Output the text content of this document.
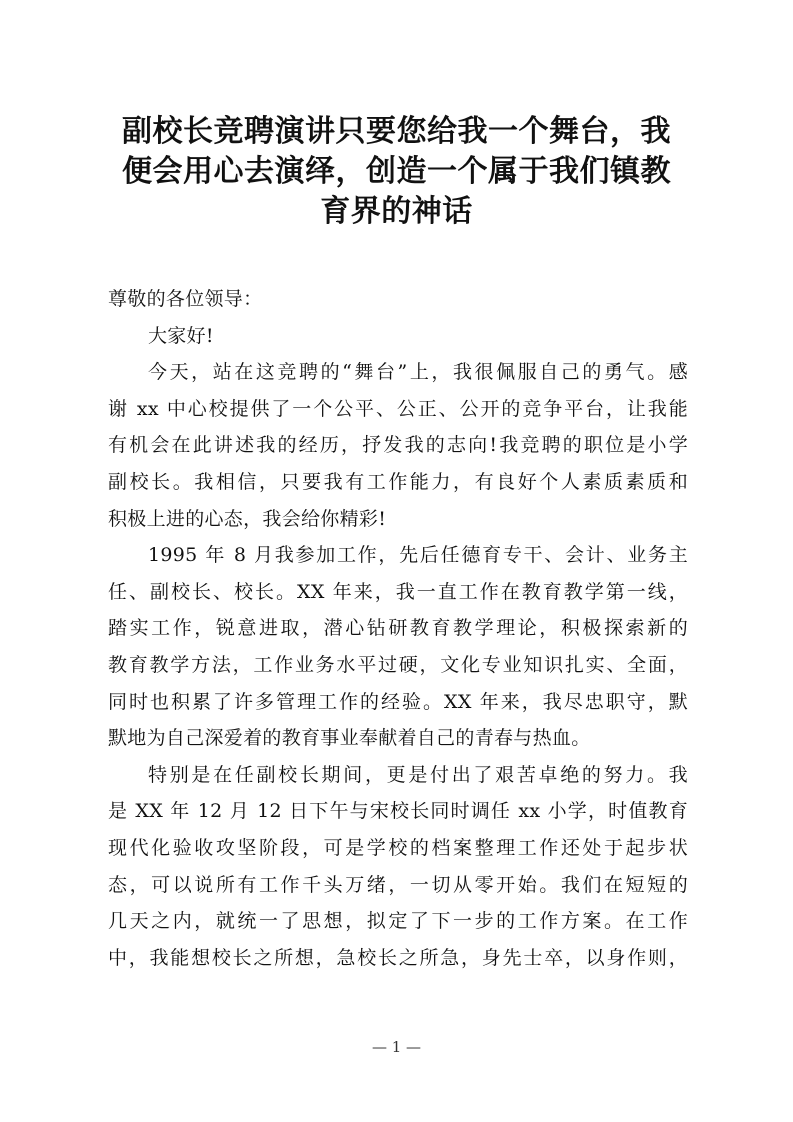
副校长竞聘演讲只要您给我一个舞台，我
便会用心去演绎，创造一个属于我们镇教
育界的神话
尊敬的各位领导：
大家好!
今天，站在这竞聘的“舞台”上，我很佩服自己的勇气。感
谢 xx 中心校提供了一个公平、公正、公开的竞争平台，让我能
有机会在此讲述我的经历，抒发我的志向!我竞聘的职位是小学
副校长。我相信，只要我有工作能力，有良好个人素质素质和
积极上进的心态，我会给你精彩!
1995 年 8 月我参加工作，先后任德育专干、会计、业务主
任、副校长、校长。XX 年来，我一直工作在教育教学第一线，
踏实工作，锐意进取，潜心钻研教育教学理论，积极探索新的
教育教学方法，工作业务水平过硬，文化专业知识扎实、全面，
同时也积累了许多管理工作的经验。XX 年来，我尽忠职守，默
默地为自己深爱着的教育事业奉献着自己的青春与热血。
特别是在任副校长期间，更是付出了艰苦卓绝的努力。我
是 XX 年 12 月 12 日下午与宋校长同时调任 xx 小学，时值教育
现代化验收攻坚阶段，可是学校的档案整理工作还处于起步状
态，可以说所有工作千头万绪，一切从零开始。我们在短短的
几天之内，就统一了思想，拟定了下一步的工作方案。在工作
中，我能想校长之所想，急校长之所急，身先士卒，以身作则，
— 1 —
